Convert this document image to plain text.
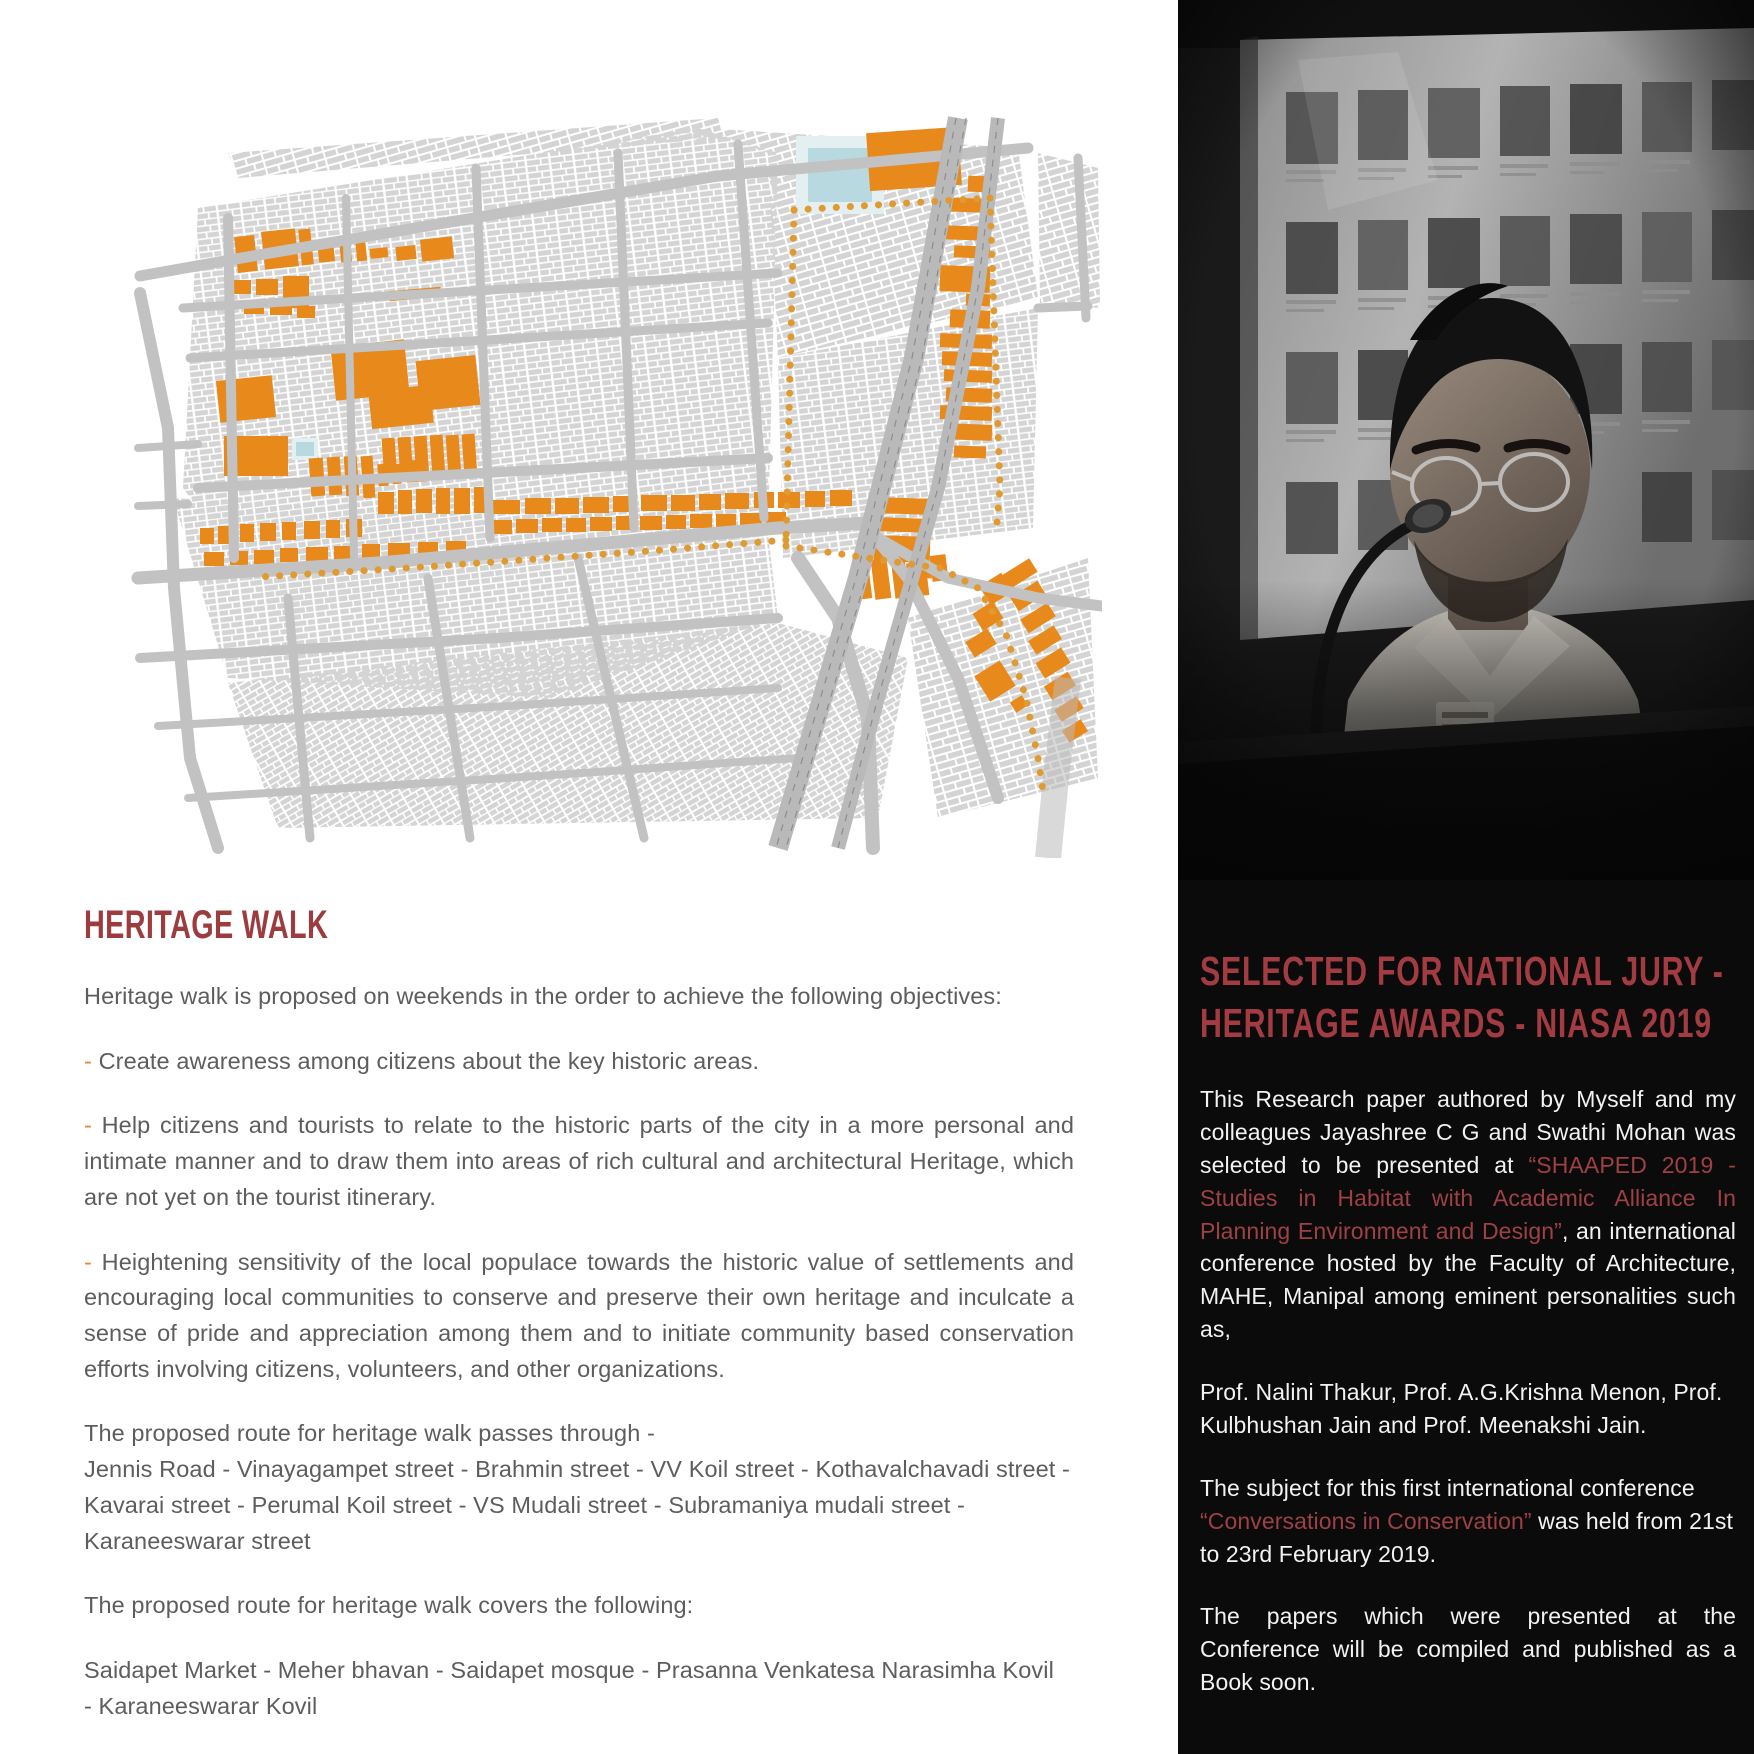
HERITAGE WALK

Heritage walk is proposed on weekends in the order to achieve the following objectives:

- Create awareness among citizens about the key historic areas.

- Help citizens and tourists to relate to the historic parts of the city in a more personal and intimate manner and to draw them into areas of rich cultural and architectural Heritage, which are not yet on the tourist itinerary.

- Heightening sensitivity of the local populace towards the historic value of settlements and encouraging local communities to conserve and preserve their own heritage and inculcate a sense of pride and appreciation among them and to initiate community based conservation efforts involving citizens, volunteers, and other organizations.

The proposed route for heritage walk passes through -

Jennis Road - Vinayagampet street - Brahmin street - VV Koil street - Kothavalchavadi street -

Kavarai street - Perumal Koil street - VS Mudali street - Subramaniya mudali street -

Karaneeswarar street

The proposed route for heritage walk covers the following:

Saidapet Market - Meher bhavan - Saidapet mosque - Prasanna Venkatesa Narasimha Kovil

- Karaneeswarar Kovil

SELECTED FOR NATIONAL JURY -
HERITAGE AWARDS - NIASA 2019

This Research paper authored by Myself and my colleagues Jayashree C G and Swathi Mohan was selected to be presented at “SHAAPED 2019 - Studies in Habitat with Academic Alliance In Planning Environment and Design”, an international conference hosted by the Faculty of Architecture, MAHE, Manipal among eminent personalities such as,

Prof. Nalini Thakur, Prof. A.G.Krishna Menon, Prof. Kulbhushan Jain and Prof. Meenakshi Jain.

The subject for this first international conference “Conversations in Conservation” was held from 21st to 23rd February 2019.

The papers which were presented at the Conference will be compiled and published as a Book soon.
